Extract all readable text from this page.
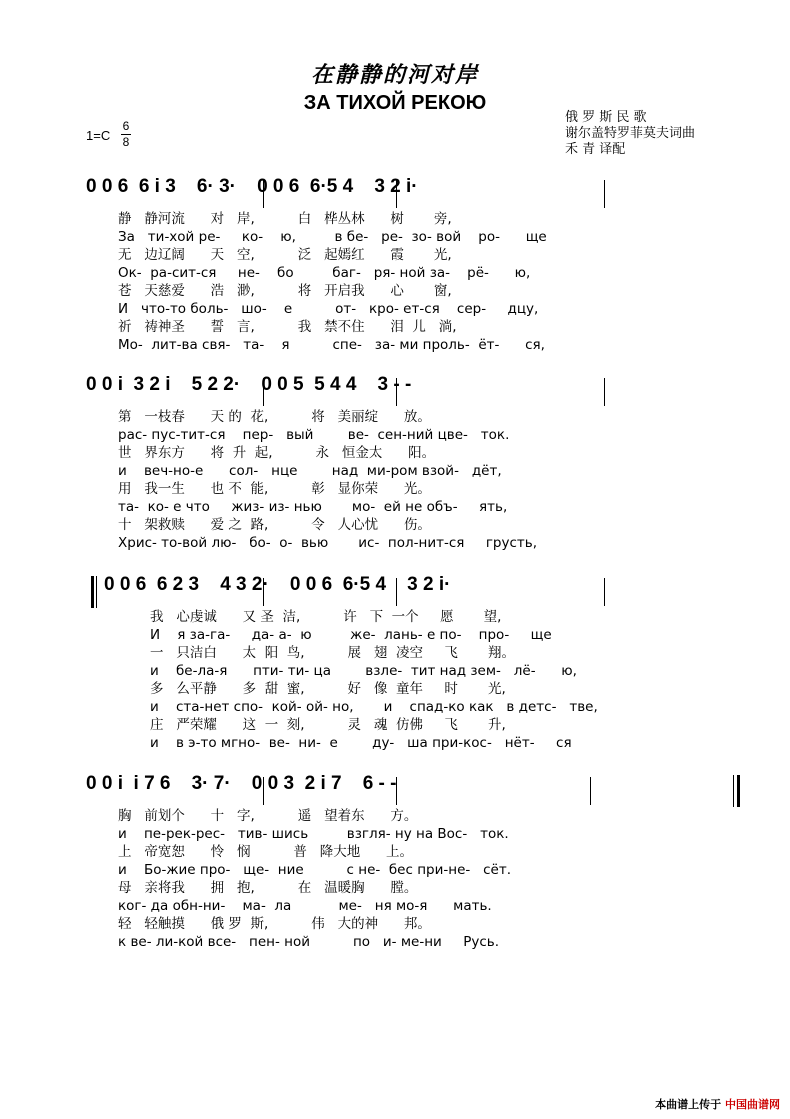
在静静的河对岸
ЗА ТИХОЙ РЕКОЮ
俄 罗 斯 民 歌
谢尔盖特罗菲莫夫词曲
禾 青 译配
1=C
6
8
0 0 6  6 i 3    6· 3·    0 0 6  6·5 4    3 2 i·
静   静河流      对   岸,          白   桦丛林      树       旁,
За   ти-хой ре-     ко-    ю,         в бе-   ре-  зо- вой    ро-      ще
无   边辽阔      天   空,          泛   起嫣红      霞       光,
Ок-  ра-сит-ся     не-    бо         баг-   ря- ной за-    рё-      ю,
苍   天慈爱      浩   渺,          将   开启我      心       窗,
И   что-то боль-   шо-    е          от-   кро- ет-ся    сер-     дцу,
祈   祷神圣      誓   言,          我   禁不住      泪  儿   淌,
Мо-  лит-ва свя-   та-    я          спе-   за- ми проль-  ёт-      ся,
0 0 i  3 2 i    5 2 2·    0 0 5  5 4 4    3 - -
第   一枝春      天 的  花,          将   美丽绽      放。
рас- пус-тит-ся    пер-   вый        ве-  сен-ний цве-   ток.
世   界东方      将  升  起,          永   恒金太      阳。
и    веч-но-е      сол-   нце        над  ми-ром взой-   дёт,
用   我一生      也 不  能,          彰   显你荣      光。
та-  ко- е что     жиз- из- нью       мо-  ей не объ-     ять,
十   架救赎      爱 之  路,          令   人心忧      伤。
Хрис- то-вой лю-   бо-  о-  вью       ис-  пол-нит-ся     грусть,
0 0 6  6 2 3    4 3 2·    0 0 6  6·5 4    3 2 i·
我   心虔诚      又 圣  洁,          许   下  一个     愿       望,
И    я за-га-     да- а-  ю         же-  лань- е по-    про-     ще
一   只洁白      太  阳  鸟,          展   翅  凌空     飞       翔。
и    бе-ла-я      пти- ти- ца        взле-  тит над зем-   лё-      ю,
多   么平静      多  甜  蜜,          好   像  童年     时       光,
и    ста-нет спо-  кой- ой- но,       и    спад-ко как   в детс-   тве,
庄   严荣耀      这  一  刻,          灵   魂  仿佛     飞       升,
и    в э-то мгно-  ве-  ни-  е        ду-   ша при-кос-   нёт-     ся
0 0 i  i 7 6    3· 7·    0 0 3  2 i 7    6 - -
胸   前划个      十   字,          遥   望着东      方。
и    пе-рек-рес-   тив- шись         взгля- ну на Вос-   ток.
上   帝宽恕      怜   悯          普   降大地      上。
и    Бо-жие про-   ще-  ние          с не-  бес при-не-   сёт.
母   亲将我      拥   抱,          在   温暖胸      膛。
ког- да обн-ни-    ма-  ла           ме-   ня мо-я      мать.
轻   轻触摸      俄 罗  斯,          伟   大的神      邦。
к ве- ли-кой все-   пен- ной          по   и- ме-ни     Русь.
本曲谱上传于 中国曲谱网
